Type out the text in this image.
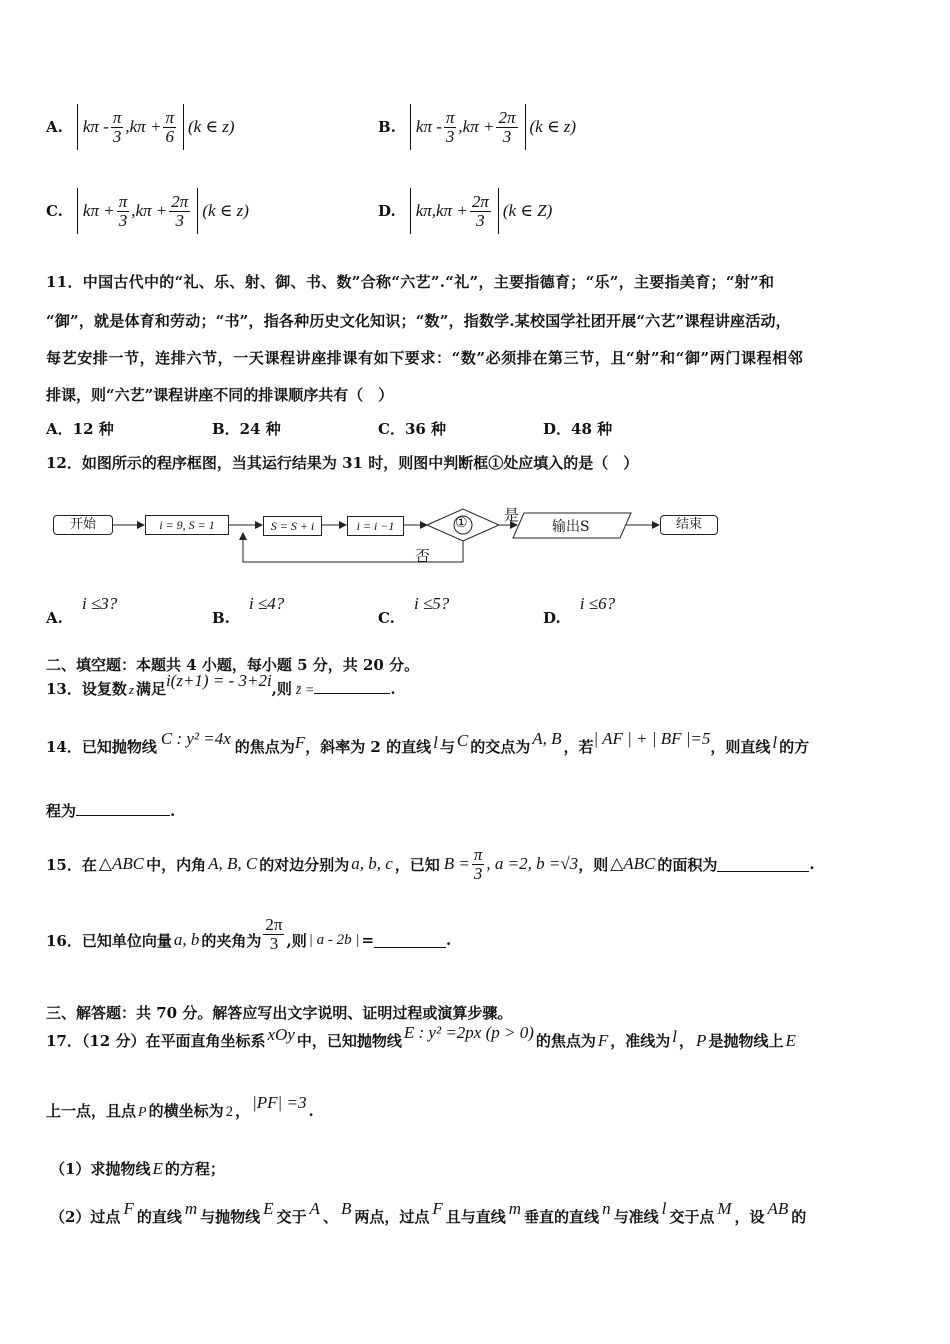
A. $k\pi - \frac{\pi}{3} ,k\pi + \frac{\pi}{6} (k$ ∈ z)	B. $k\pi - \frac{\pi}{3} ,k\pi + \frac{2\pi}{3} (k$ ∈ z)
C. $k\pi + \frac{\pi}{3} ,k\pi + \frac{2\pi}{3} (k$ ∈ z)	D. $k\pi,k\pi + \frac{2\pi}{3} (k$ ∈ Z)
11．中国古代中的“礼、乐、射、御、书、数”合称“六艺”.“礼”，主要指德育；“乐”，主要指美育；“射”和
“御”，就是体育和劳动；“书”，指各种历史文化知识；“数”，指数学.某校国学社团开展“六艺”课程讲座活动，
每艺安排一节，连排六节，一天课程讲座排课有如下要求：“数”必须排在第三节，且“射”和“御”两门课程相邻
排课，则“六艺”课程讲座不同的排课顺序共有（　）
A．12 种	B．24 种	C．36 种	D．48 种
12．如图所示的程序框图，当其运行结果为 31 时，则图中判断框①处应填入的是（　）
开始	i = 9, S = 1	S = S + i	i = i −1	① 是
否
输出S	结束
A. i ≤3?
B. i ≤4?
C. i ≤5?
D. i ≤6?
二、填空题：本题共 4 小题，每小题 5 分，共 20 分。
13．设复数 z 满足 i(z+1) = - 3+2i ,则 z̄ =	.
14．已知抛物线 C : y² =4x 的焦点为 F ，斜率为 2 的直线 l 与 C 的交点为 A, B ，若 | AF | + | BF |=5 ，则直线 l 的方
程为	.
15．在 △ABC 中，内角 A, B, C 的对边分别为 a, b, c ，已知 $B = \frac{\pi}{3}$ , a =2, b =√3 ，则 △ABC 的面积为	.
16．已知单位向量 a, b 的夹角为 $\frac{2\pi}{3}$ ,则 | a - 2b | =	.
三、解答题：共 70 分。解答应写出文字说明、证明过程或演算步骤。
17．（12 分）在平面直角坐标系 xOy 中，已知抛物线 E : y² =2px (p > 0) 的焦点为 F ，准线为 l ， P 是抛物线上 E
上一点，且点 P 的横坐标为 2 ， |PF| =3 .
（1）求抛物线 E 的方程；
（2）过点 F 的直线 m 与抛物线 E 交于 A 、 B 两点，过点 F 且与直线 m 垂直的直线 n 与准线 l 交于点 M ，设 AB 的
